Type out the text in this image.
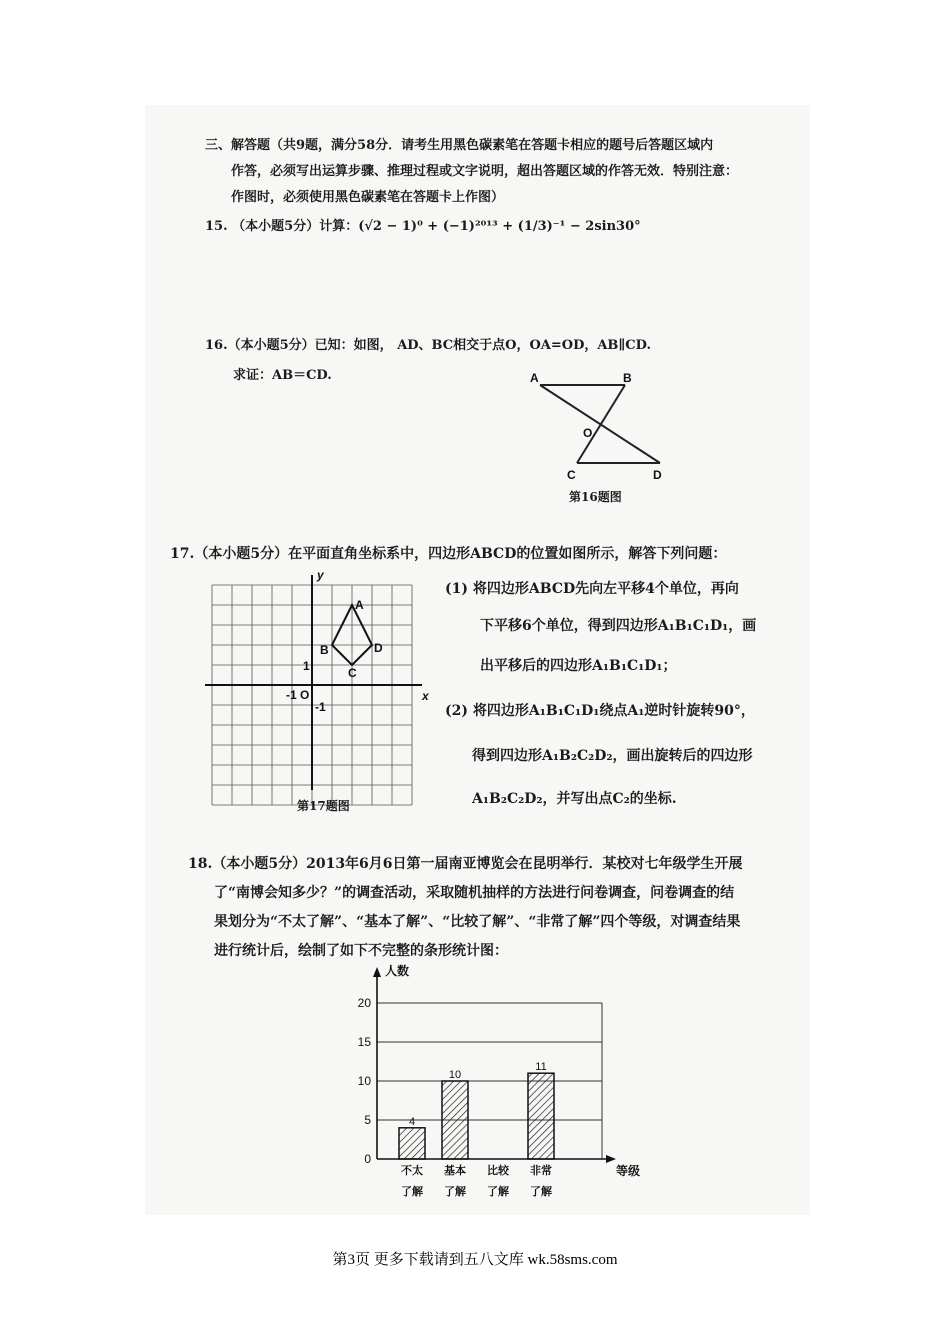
三、解答题（共9题，满分58分．请考生用黑色碳素笔在答题卡相应的题号后答题区域内
作答，必须写出运算步骤、推理过程或文字说明，超出答题区域的作答无效．特别注意：
作图时，必须使用黑色碳素笔在答题卡上作图）
15. （本小题5分）计算：(√2 − 1)⁰ + (−1)²⁰¹³ + (1/3)⁻¹ − 2sin30°
16.（本小题5分）已知：如图， AD、BC相交于点O，OA=OD，AB∥CD.
求证：AB＝CD.	A	B
O
C	D
第16题图
17.（本小题5分）在平面直角坐标系中，四边形ABCD的位置如图所示，解答下列问题：
y
x
A
B
C
D
1
-1 O
-1
第17题图
(1) 将四边形ABCD先向左平移4个单位，再向
下平移6个单位，得到四边形A₁B₁C₁D₁，画
出平移后的四边形A₁B₁C₁D₁；
(2) 将四边形A₁B₁C₁D₁绕点A₁逆时针旋转90°，
得到四边形A₁B₂C₂D₂，画出旋转后的四边形
A₁B₂C₂D₂，并写出点C₂的坐标.
18.（本小题5分）2013年6月6日第一届南亚博览会在昆明举行．某校对七年级学生开展
了“南博会知多少？”的调查活动，采取随机抽样的方法进行问卷调查，问卷调查的结
果划分为“不太了解”、“基本了解”、“比较了解”、“非常了解”四个等级，对调查结果
进行统计后，绘制了如下不完整的条形统计图：
0
5
10
15
20
人数
等级
4
不太
了解
10
基本
了解
比较
了解
11
非常
了解
第3页 更多下载请到五八文库 wk.58sms.com
